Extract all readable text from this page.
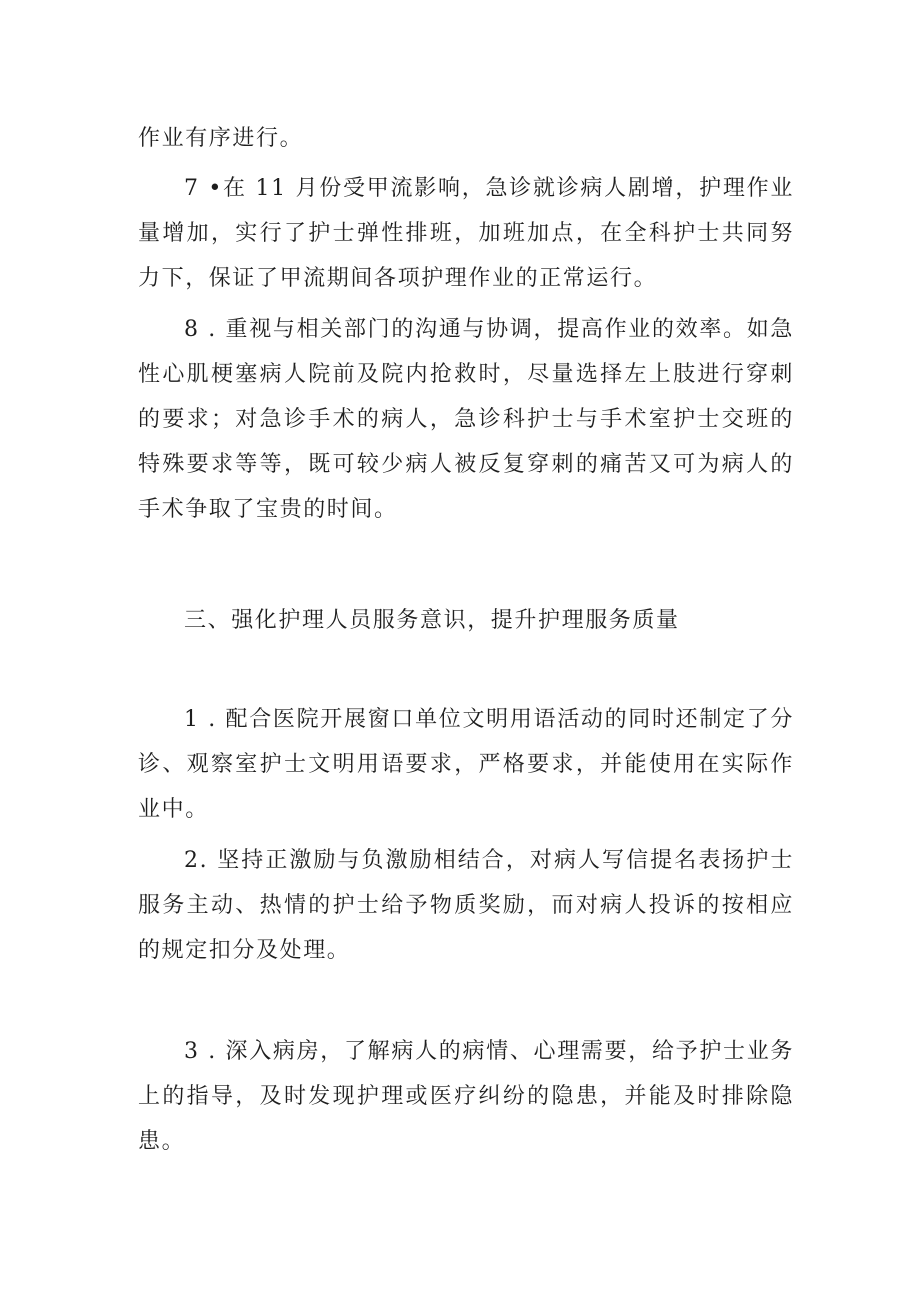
作业有序进行。

7 •在 11 月份受甲流影响，急诊就诊病人剧增，护理作业量增加，实行了护士弹性排班，加班加点，在全科护士共同努力下，保证了甲流期间各项护理作业的正常运行。

8 . 重视与相关部门的沟通与协调，提高作业的效率。如急性心肌梗塞病人院前及院内抢救时，尽量选择左上肢进行穿刺的要求；对急诊手术的病人，急诊科护士与手术室护士交班的特殊要求等等，既可较少病人被反复穿刺的痛苦又可为病人的手术争取了宝贵的时间。

三、强化护理人员服务意识，提升护理服务质量

1 . 配合医院开展窗口单位文明用语活动的同时还制定了分诊、观察室护士文明用语要求，严格要求，并能使用在实际作业中。

2. 坚持正激励与负激励相结合，对病人写信提名表扬护士服务主动、热情的护士给予物质奖励，而对病人投诉的按相应的规定扣分及处理。

3 . 深入病房，了解病人的病情、心理需要，给予护士业务上的指导，及时发现护理或医疗纠纷的隐患，并能及时排除隐患。
